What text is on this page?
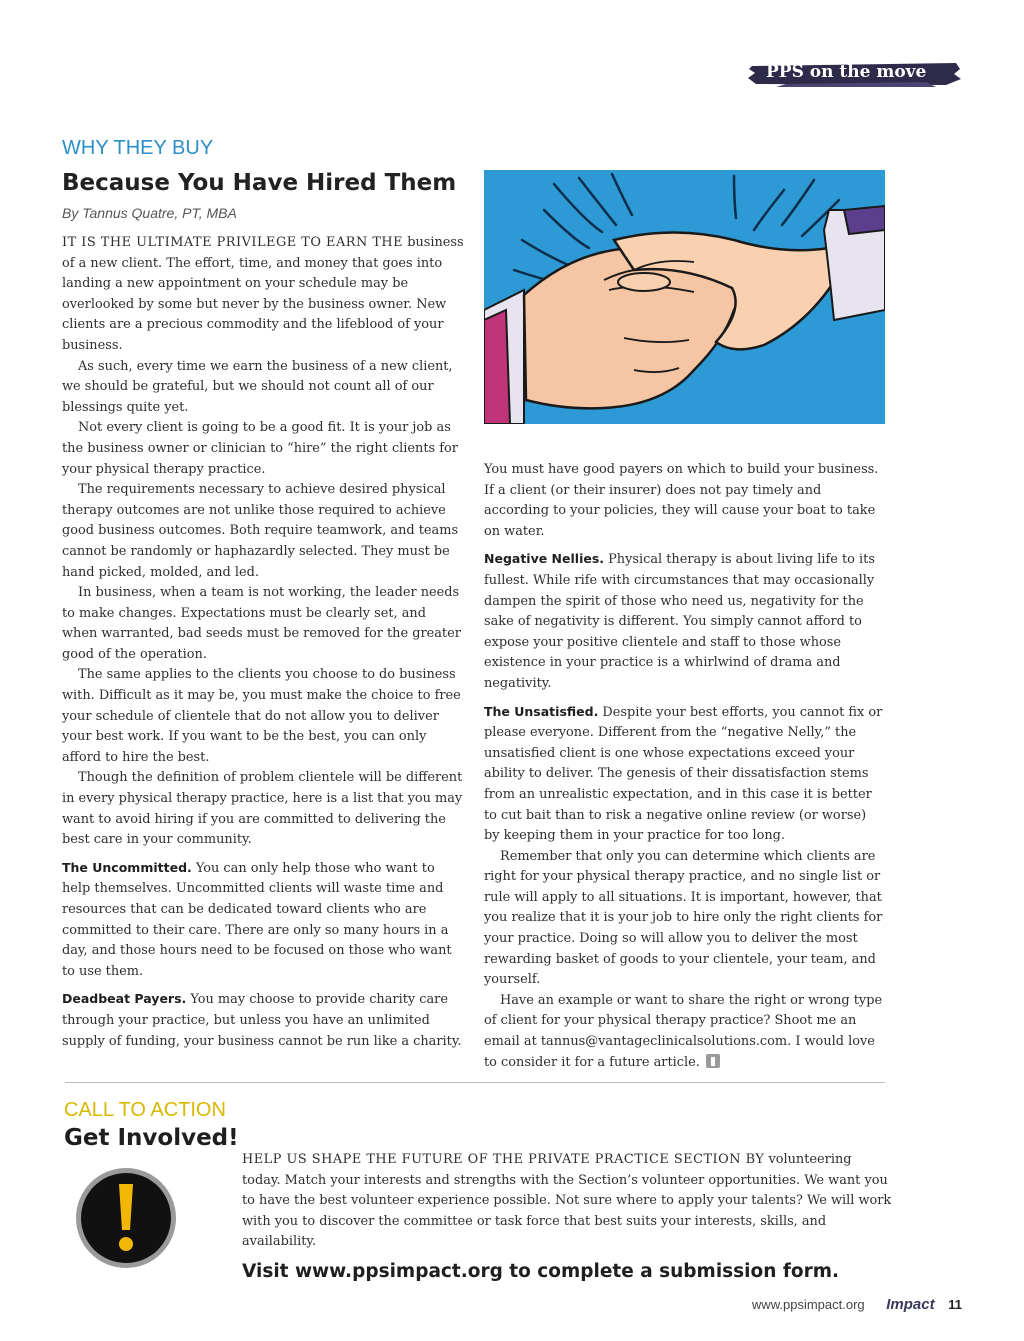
PPS on the move
WHY THEY BUY
Because You Have Hired Them
By Tannus Quatre, PT, MBA

IT IS THE ULTIMATE PRIVILEGE TO EARN THE business of a new client. The effort, time, and money that goes into landing a new appointment on your schedule may be overlooked by some but never by the business owner. New clients are a precious commodity and the lifeblood of your business.

As such, every time we earn the business of a new client, we should be grateful, but we should not count all of our blessings quite yet.

Not every client is going to be a good fit. It is your job as the business owner or clinician to “hire” the right clients for your physical therapy practice.

The requirements necessary to achieve desired physical therapy outcomes are not unlike those required to achieve good business outcomes. Both require teamwork, and teams cannot be randomly or haphazardly selected. They must be hand picked, molded, and led.

In business, when a team is not working, the leader needs to make changes. Expectations must be clearly set, and when warranted, bad seeds must be removed for the greater good of the operation.

The same applies to the clients you choose to do business with. Difficult as it may be, you must make the choice to free your schedule of clientele that do not allow you to deliver your best work. If you want to be the best, you can only afford to hire the best.

Though the definition of problem clientele will be different in every physical therapy practice, here is a list that you may want to avoid hiring if you are committed to delivering the best care in your community.

The Uncommitted. You can only help those who want to help themselves. Uncommitted clients will waste time and resources that can be dedicated toward clients who are committed to their care. There are only so many hours in a day, and those hours need to be focused on those who want to use them.

Deadbeat Payers. You may choose to provide charity care through your practice, but unless you have an unlimited supply of funding, your business cannot be run like a charity.

You must have good payers on which to build your business. If a client (or their insurer) does not pay timely and according to your policies, they will cause your boat to take on water.

Negative Nellies. Physical therapy is about living life to its fullest. While rife with circumstances that may occasionally dampen the spirit of those who need us, negativity for the sake of negativity is different. You simply cannot afford to expose your positive clientele and staff to those whose existence in your practice is a whirlwind of drama and negativity.

The Unsatisfied. Despite your best efforts, you cannot fix or please everyone. Different from the “negative Nelly,” the unsatisfied client is one whose expectations exceed your ability to deliver. The genesis of their dissatisfaction stems from an unrealistic expectation, and in this case it is better to cut bait than to risk a negative online review (or worse) by keeping them in your practice for too long.

Remember that only you can determine which clients are right for your physical therapy practice, and no single list or rule will apply to all situations. It is important, however, that you realize that it is your job to hire only the right clients for your practice. Doing so will allow you to deliver the most rewarding basket of goods to your clientele, your team, and yourself.

Have an example or want to share the right or wrong type of client for your physical therapy practice? Shoot me an email at tannus@vantageclinicalsolutions.com. I would love to consider it for a future article.

CALL TO ACTION
Get Involved!

HELP US SHAPE THE FUTURE OF THE PRIVATE PRACTICE SECTION BY volunteering today. Match your interests and strengths with the Section’s volunteer opportunities. We want you to have the best volunteer experience possible. Not sure where to apply your talents? We will work with you to discover the committee or task force that best suits your interests, skills, and availability.

Visit www.ppsimpact.org to complete a submission form.
www.ppsimpact.org Impact 11
